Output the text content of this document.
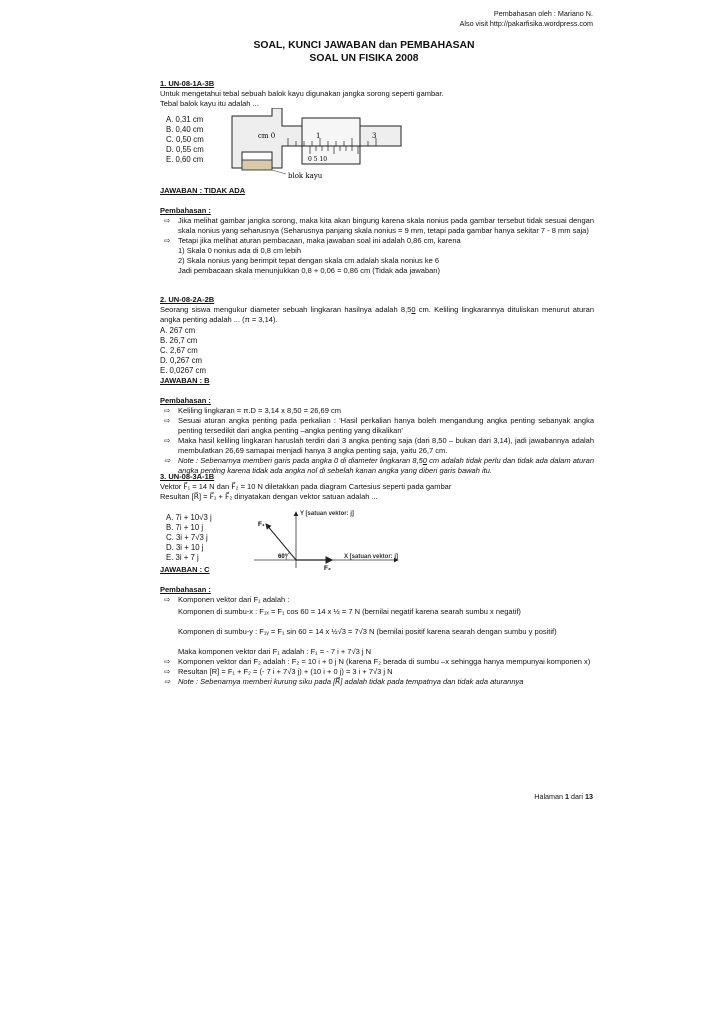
Pembahasan oleh : Mariano N.
Also visit http://pakarfisika.wordpress.com
SOAL, KUNCI JAWABAN dan PEMBAHASAN
SOAL UN FISIKA 2008
1. UN-08-1A-3B
Untuk mengetahui tebal sebuah balok kayu digunakan jangka sorong seperti gambar.
Tebal balok kayu itu adalah ...
A. 0,31 cm
B. 0,40 cm
C. 0,50 cm
D. 0,55 cm
E. 0,60 cm
cm 0	1	3
0 5 10
blok kayu
JAWABAN : TIDAK ADA
Pembahasan :
⇨	Jika melihat gambar jangka sorong, maka kita akan bingung karena skala nonius pada gambar tersebut tidak sesuai dengan skala nonius yang seharusnya (Seharusnya panjang skala nonius = 9 mm, tetapi pada gambar hanya sekitar 7 - 8 mm saja)
⇨	Tetapi jika melihat aturan pembacaan, maka jawaban soal ini adalah 0,86 cm, karena
1) Skala 0 nonius ada di 0,8 cm lebih
2) Skala nonius yang berimpit tepat dengan skala cm adalah skala nonius ke 6
Jadi pembacaan skala menunjukkan 0,8 + 0,06 = 0,86 cm (Tidak ada jawaban)
2. UN-08-2A-2B
Seorang siswa mengukur diameter sebuah lingkaran hasilnya adalah 8,50 cm. Keliling lingkarannya dituliskan menurut aturan angka penting adalah ... (π = 3,14).
A. 267 cm
B. 26,7 cm
C. 2,67 cm
D. 0,267 cm
E. 0,0267 cm
JAWABAN : B
Pembahasan :
⇨	Keliling lingkaran = π.D = 3,14 x 8,50 = 26,69 cm
⇨	Sesuai aturan angka penting pada perkalian : 'Hasil perkalian hanya boleh mengandung angka penting sebanyak angka penting tersedikit dari angka penting –angka penting yang dikalikan'
⇨	Maka hasil keliling lingkaran haruslah terdiri dari 3 angka penting saja (dari 8,50 – bukan dari 3,14), jadi jawabannya adalah membulatkan 26,69 samapai menjadi hanya 3 angka penting saja, yaitu 26,7 cm.
⇨	Note : Sebenarnya memberi garis pada angka 0 di diameter lingkaran 8,50 cm adalah tidak perlu dan tidak ada dalam aturan angka penting karena tidak ada angka nol di sebelah kanan angka yang diberi garis bawah itu.
3. UN-08-3A-1B
Vektor F⃗₁ = 14 N dan F⃗₂ = 10 N diletakkan pada diagram Cartesius seperti pada gambar
Resultan [R⃗] = F⃗₁ + F⃗₂ dinyatakan dengan vektor satuan adalah ...
A. 7i + 10√3 j
B. 7i + 10 j
C. 3i + 7√3 j
D. 3i + 10 j
E. 3i + 7 j
Y [satuan vektor: j]
X [satuan vektor: i]
F₁
F₂
60°
JAWABAN : C
Pembahasan :
⇨	Komponen vektor dari F₁ adalah :
Komponen di sumbu-x : F₁ₓ = F₁ cos 60 = 14 x ½ = 7 N (bernilai negatif karena searah sumbu x negatif)
Komponen di sumbu-y : F₁ᵧ = F₁ sin 60 = 14 x ½√3 = 7√3 N (bernilai positif karena searah dengan sumbu y positif)
Maka komponen vektor dari F₁ adalah : F₁ = - 7 i + 7√3 j N
⇨	Komponen vektor dari F₂ adalah : F₂ = 10 i + 0 j N (karena F₂ berada di sumbu –x sehingga hanya mempunyai komponen x)
⇨	Resultan [R] = F₁ + F₂ = (- 7 i + 7√3 j) + (10 i + 0 j) = 3 i + 7√3 j N
⇨	Note : Sebenarnya memberi kurung siku pada [R⃗] adalah tidak pada tempatnya dan tidak ada aturannya
Halaman 1 dari 13
